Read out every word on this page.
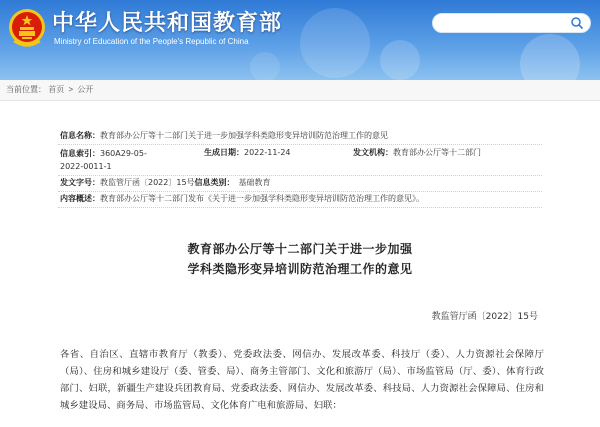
中华人民共和国教育部
Ministry of Education of the People's Republic of China
当前位置： 首页 > 公开
信息名称：教育部办公厅等十二部门关于进一步加强学科类隐形变异培训防范治理工作的意见
信息索引：360A29-05-2022-0011-1
生成日期：2022-11-24	发文机构：教育部办公厅等十二部门
发文字号：教监管厅函〔2022〕15号信息类别： 基础教育
内容概述：教育部办公厅等十二部门发布《关于进一步加强学科类隐形变异培训防范治理工作的意见》。
教育部办公厅等十二部门关于进一步加强
学科类隐形变异培训防范治理工作的意见
教监管厅函〔2022〕15号
各省、自治区、直辖市教育厅（教委）、党委政法委、网信办、发展改革委、科技厅（委）、人力资源社会保障厅（局）、住房和城乡建设厅（委、管委、局）、商务主管部门、文化和旅游厅（局）、市场监管局（厅、委）、体育行政部门、妇联，新疆生产建设兵团教育局、党委政法委、网信办、发展改革委、科技局、人力资源社会保障局、住房和城乡建设局、商务局、市场监管局、文化体育广电和旅游局、妇联：
